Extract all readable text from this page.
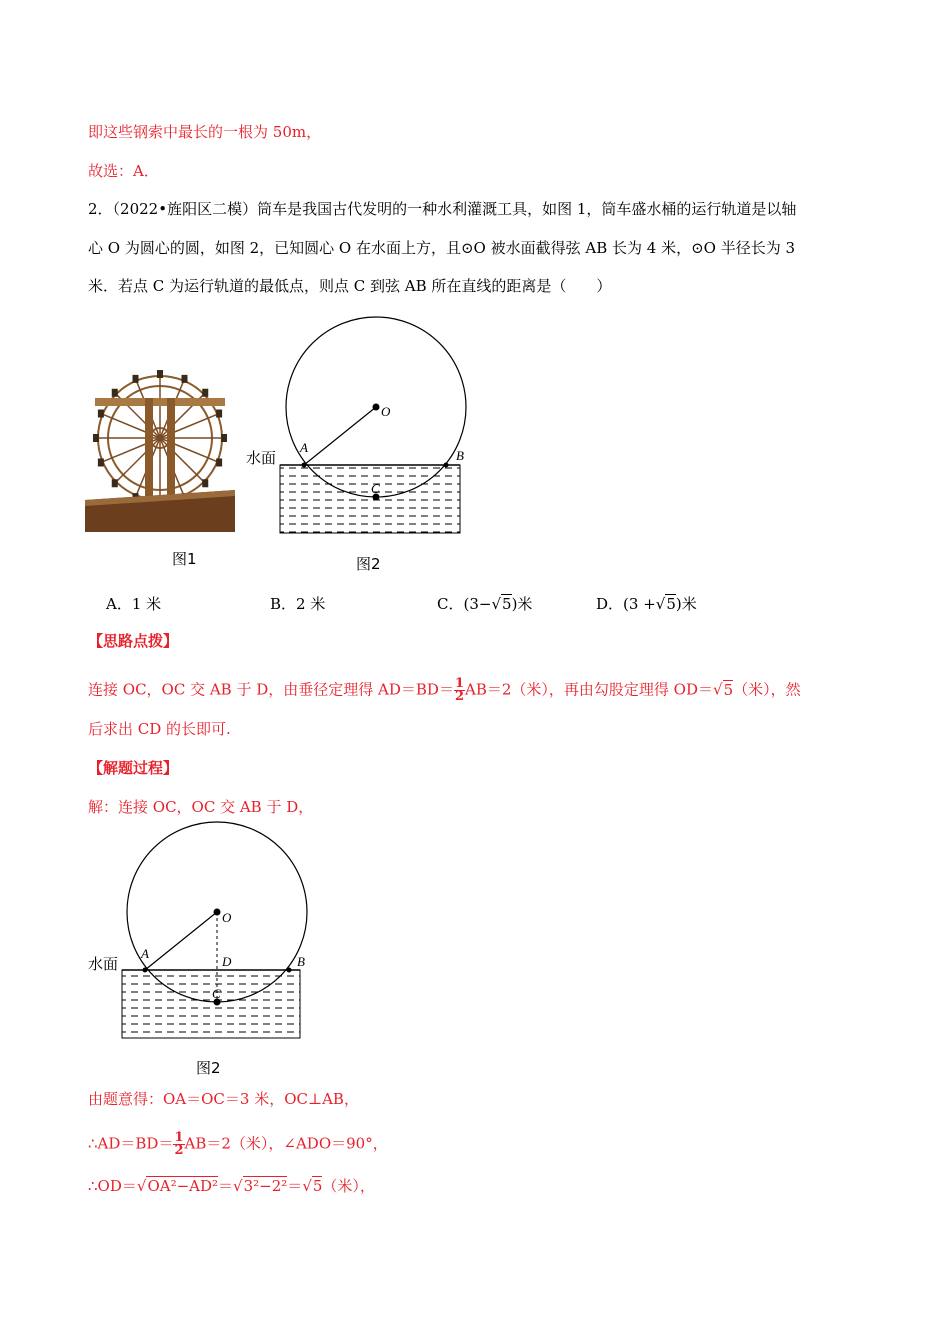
即这些钢索中最长的一根为 50m，
故选：A．
2．（2022•旌阳区二模）筒车是我国古代发明的一种水利灌溉工具，如图 1，筒车盛水桶的运行轨道是以轴
心 O 为圆心的圆，如图 2，已知圆心 O 在水面上方，且⊙O 被水面截得弦 AB 长为 4 米，⊙O 半径长为 3
米．若点 C 为运行轨道的最低点，则点 C 到弦 AB 所在直线的距离是（　　）
图1
O
A
B
C
水面
图2
A．1 米	B．2 米	C．(3−√5)米	D．(3 +√5)米
【思路点拨】
连接 OC，OC 交 AB 于 D，由垂径定理得 $AD=BD= \frac{1}{2} AB=2$（米），再由勾股定理得 OD＝√5（米），然
后求出 CD 的长即可.
【解题过程】
解：连接 OC，OC 交 AB 于 D，
O
A
B
D
C
水面
图2
由题意得：OA＝OC＝3 米，OC⊥AB，
∴AD＝BD＝ $\frac{1}{2} AB=2$（米），∠ADO＝90°，
∴OD＝√OA²−AD²＝√3²−2²＝√5（米），
